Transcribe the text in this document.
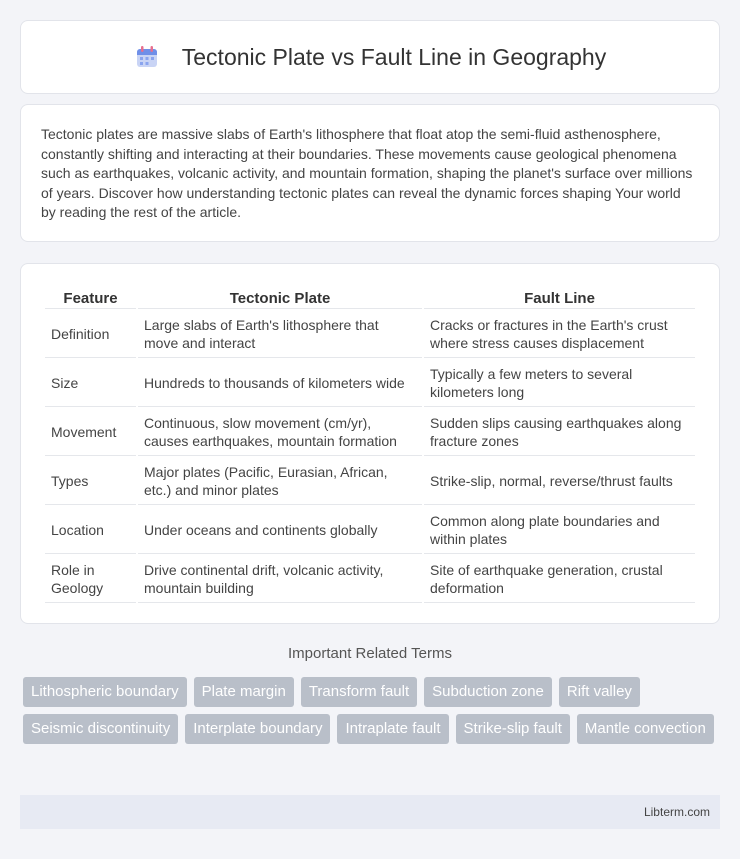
Tectonic Plate vs Fault Line in Geography

Tectonic plates are massive slabs of Earth's lithosphere that float atop the semi-fluid asthenosphere, constantly shifting and interacting at their boundaries. These movements cause geological phenomena such as earthquakes, volcanic activity, and mountain formation, shaping the planet's surface over millions of years. Discover how understanding tectonic plates can reveal the dynamic forces shaping Your world by reading the rest of the article.

Feature	Tectonic Plate	Fault Line
Definition	Large slabs of Earth's lithosphere that move and interact	Cracks or fractures in the Earth's crust where stress causes displacement
Size	Hundreds to thousands of kilometers wide	Typically a few meters to several kilometers long
Movement	Continuous, slow movement (cm/yr), causes earthquakes, mountain formation	Sudden slips causing earthquakes along fracture zones
Types	Major plates (Pacific, Eurasian, African, etc.) and minor plates	Strike-slip, normal, reverse/thrust faults
Location	Under oceans and continents globally	Common along plate boundaries and within plates
Role in Geology	Drive continental drift, volcanic activity, mountain building	Site of earthquake generation, crustal deformation
Important Related Terms
Lithospheric boundary	Plate margin	Transform fault	Subduction zone	Rift valley
Seismic discontinuity	Interplate boundary	Intraplate fault	Strike-slip fault	Mantle convection
Libterm.com
